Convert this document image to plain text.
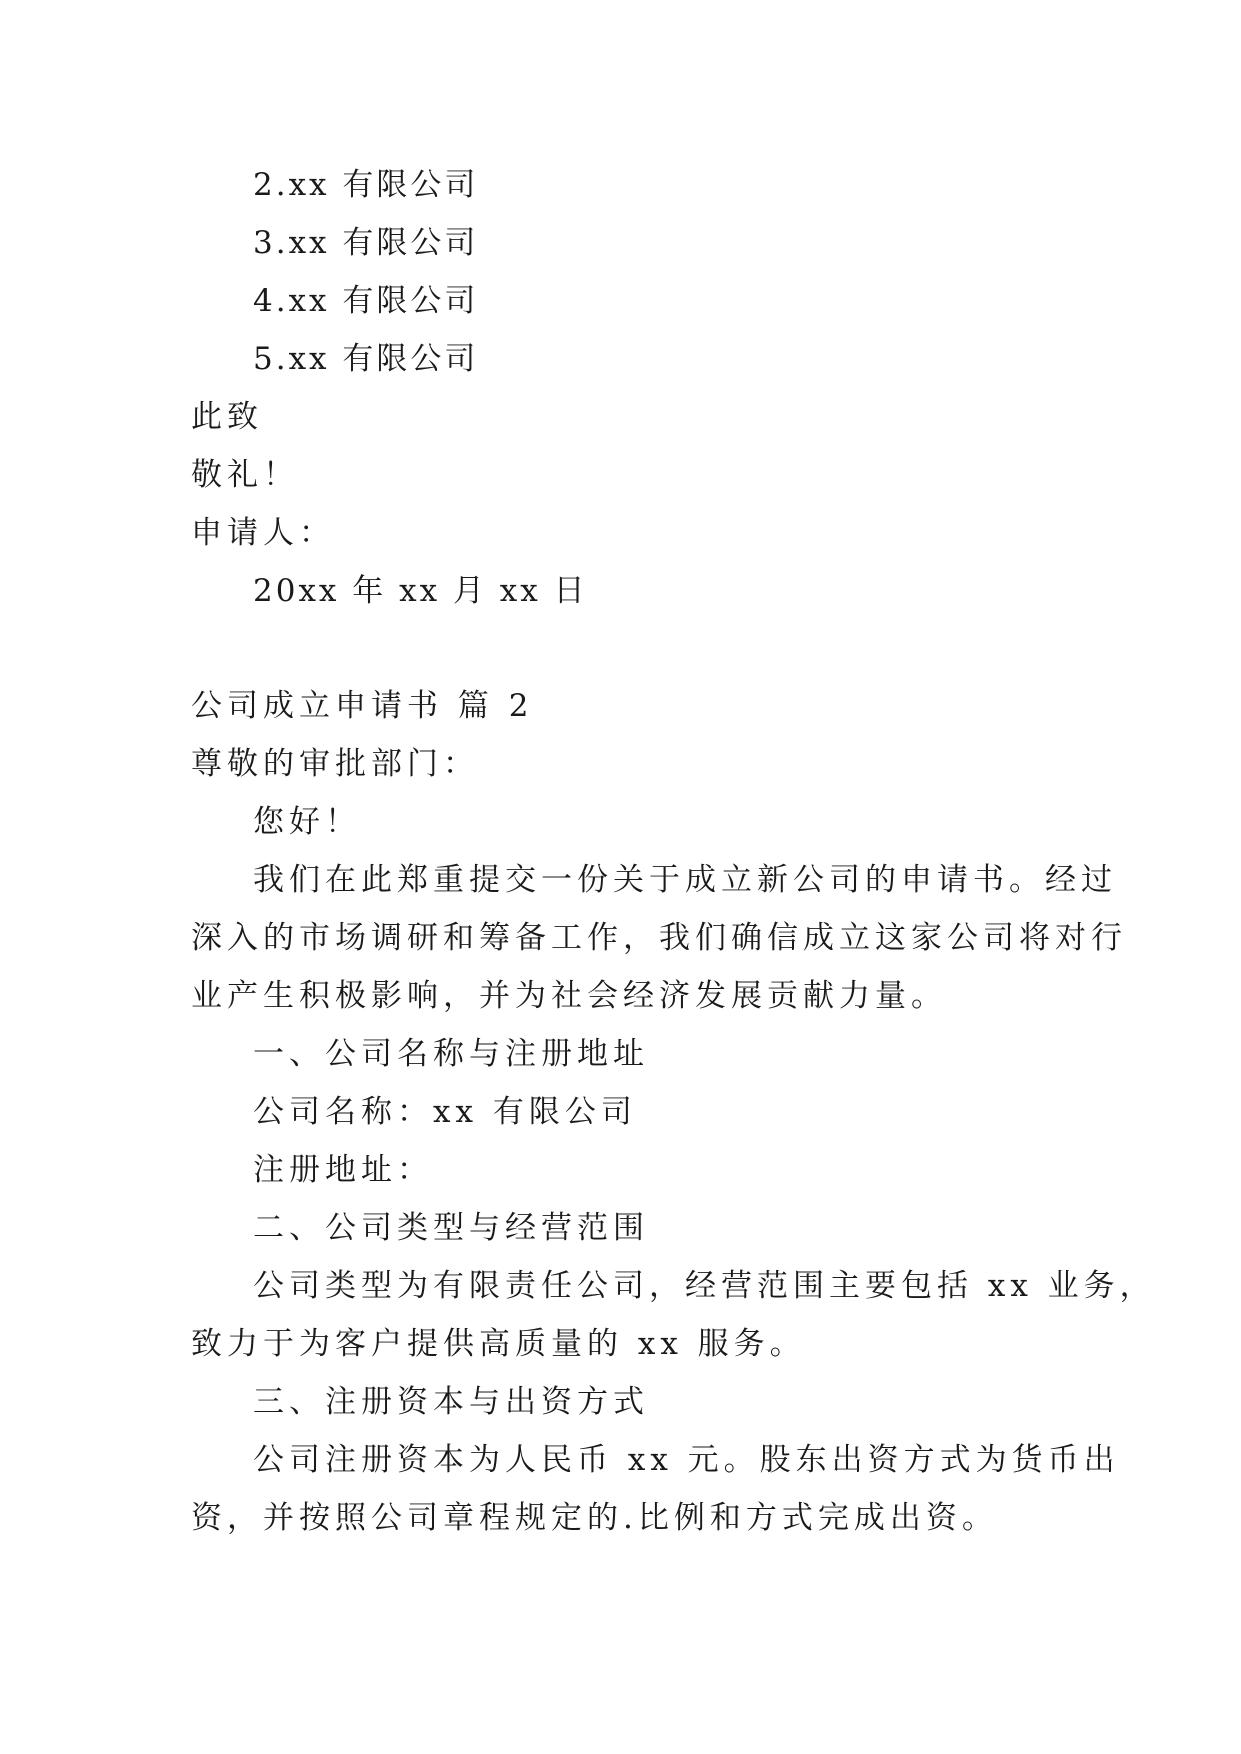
2.xx 有限公司
3.xx 有限公司
4.xx 有限公司
5.xx 有限公司
此致
敬礼！
申请人：
20xx 年 xx 月 xx 日
公司成立申请书 篇 2
尊敬的审批部门：
您好！
我们在此郑重提交一份关于成立新公司的申请书。经过
深入的市场调研和筹备工作，我们确信成立这家公司将对行
业产生积极影响，并为社会经济发展贡献力量。
一、公司名称与注册地址
公司名称：xx 有限公司
注册地址：
二、公司类型与经营范围
公司类型为有限责任公司，经营范围主要包括 xx 业务，
致力于为客户提供高质量的 xx 服务。
三、注册资本与出资方式
公司注册资本为人民币 xx 元。股东出资方式为货币出
资，并按照公司章程规定的.比例和方式完成出资。
